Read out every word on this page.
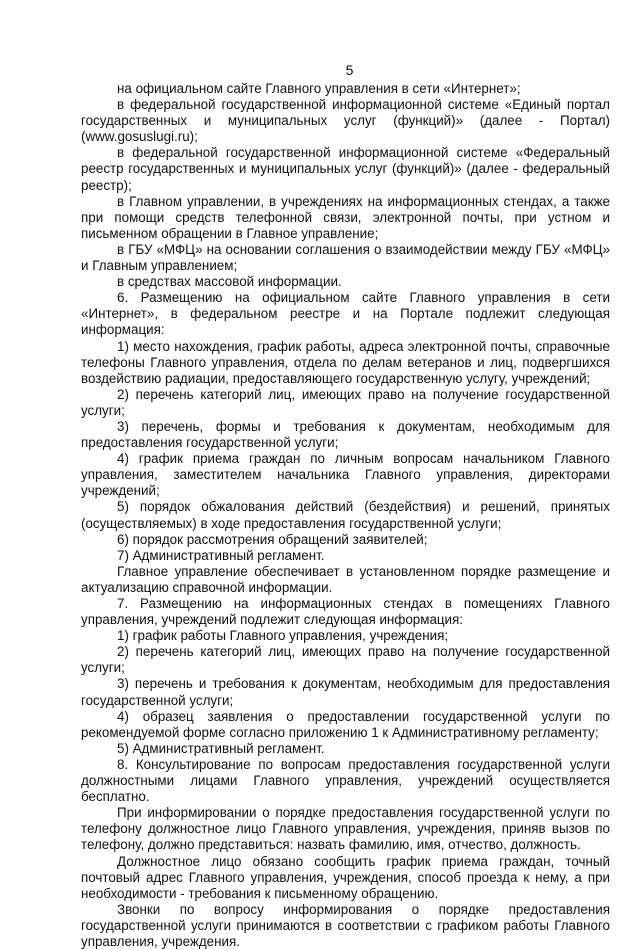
5

на официальном сайте Главного управления в сети «Интернет»;

в федеральной государственной информационной системе «Единый портал государственных и муниципальных услуг (функций)» (далее - Портал) (www.gosuslugi.ru);

в федеральной государственной информационной системе «Федеральный реестр государственных и муниципальных услуг (функций)» (далее - федеральный реестр);

в Главном управлении, в учреждениях на информационных стендах, а также при помощи средств телефонной связи, электронной почты, при устном и письменном обращении в Главное управление;

в ГБУ «МФЦ» на основании соглашения о взаимодействии между ГБУ «МФЦ» и Главным управлением;

в средствах массовой информации.

6. Размещению на официальном сайте Главного управления в сети «Интернет», в федеральном реестре и на Портале подлежит следующая информация:

1) место нахождения, график работы, адреса электронной почты, справочные телефоны Главного управления, отдела по делам ветеранов и лиц, подвергшихся воздействию радиации, предоставляющего государственную услугу, учреждений;

2) перечень категорий лиц, имеющих право на получение государственной услуги;

3) перечень, формы и требования к документам, необходимым для предоставления государственной услуги;

4) график приема граждан по личным вопросам начальником Главного управления, заместителем начальника Главного управления, директорами учреждений;

5) порядок обжалования действий (бездействия) и решений, принятых (осуществляемых) в ходе предоставления государственной услуги;

6) порядок рассмотрения обращений заявителей;

7) Административный регламент.

Главное управление обеспечивает в установленном порядке размещение и актуализацию справочной информации.

7. Размещению на информационных стендах в помещениях Главного управления, учреждений подлежит следующая информация:

1) график работы Главного управления, учреждения;

2) перечень категорий лиц, имеющих право на получение государственной услуги;

3) перечень и требования к документам, необходимым для предоставления государственной услуги;

4) образец заявления о предоставлении государственной услуги по рекомендуемой форме согласно приложению 1 к Административному регламенту;

5) Административный регламент.

8. Консультирование по вопросам предоставления государственной услуги должностными лицами Главного управления, учреждений осуществляется бесплатно.

При информировании о порядке предоставления государственной услуги по телефону должностное лицо Главного управления, учреждения, приняв вызов по телефону, должно представиться: назвать фамилию, имя, отчество, должность.

Должностное лицо обязано сообщить график приема граждан, точный почтовый адрес Главного управления, учреждения, способ проезда к нему, а при необходимости - требования к письменному обращению.

Звонки по вопросу информирования о порядке предоставления государственной услуги принимаются в соответствии с графиком работы Главного управления, учреждения.
